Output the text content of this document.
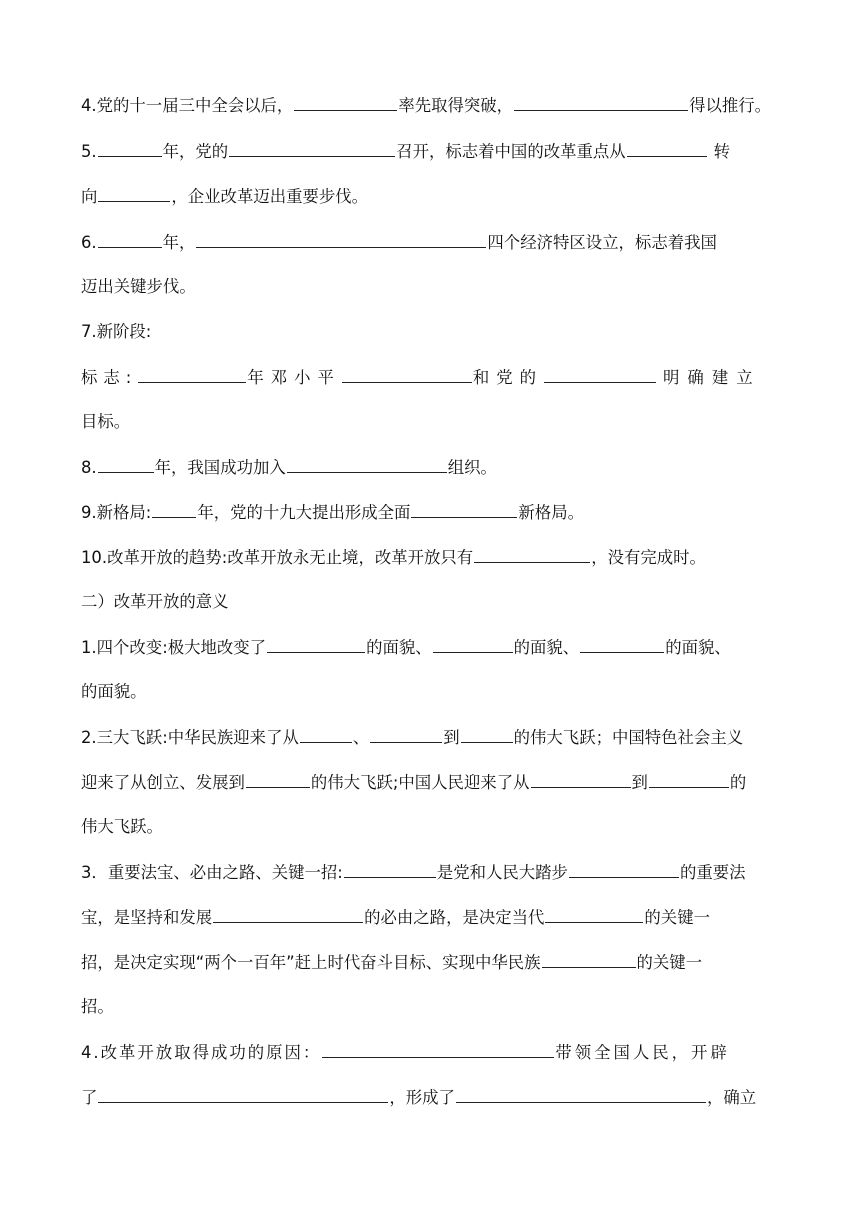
4.党的十一届三中全会以后，	率先取得突破，	得以推行。
5.	年，党的	召开，标志着中国的改革重点从	转
向	，企业改革迈出重要步伐。
6.	年，	四个经济特区设立，标志着我国
迈出关键步伐。
7.新阶段:
标志:	年邓小平	和党的	明确建立
目标。
8.	年，我国成功加入	组织。
9.新格局:	年，党的十九大提出形成全面	新格局。
10.改革开放的趋势:改革开放永无止境，改革开放只有	，没有完成时。
二）改革开放的意义
1.四个改变:极大地改变了	的面貌、	的面貌、	的面貌、
的面貌。
2.三大飞跃:中华民族迎来了从	、	到	的伟大飞跃；中国特色社会主义
迎来了从创立、发展到	的伟大飞跃;中国人民迎来了从	到	的
伟大飞跃。
3．重要法宝、必由之路、关键一招:	是党和人民大踏步	的重要法
宝，是坚持和发展	的必由之路，是决定当代	的关键一
招，是决定实现“两个一百年”赶上时代奋斗目标、实现中华民族	的关键一
招。
4.改革开放取得成功的原因：	带领全国人民，开辟
了	，形成了	，确立
